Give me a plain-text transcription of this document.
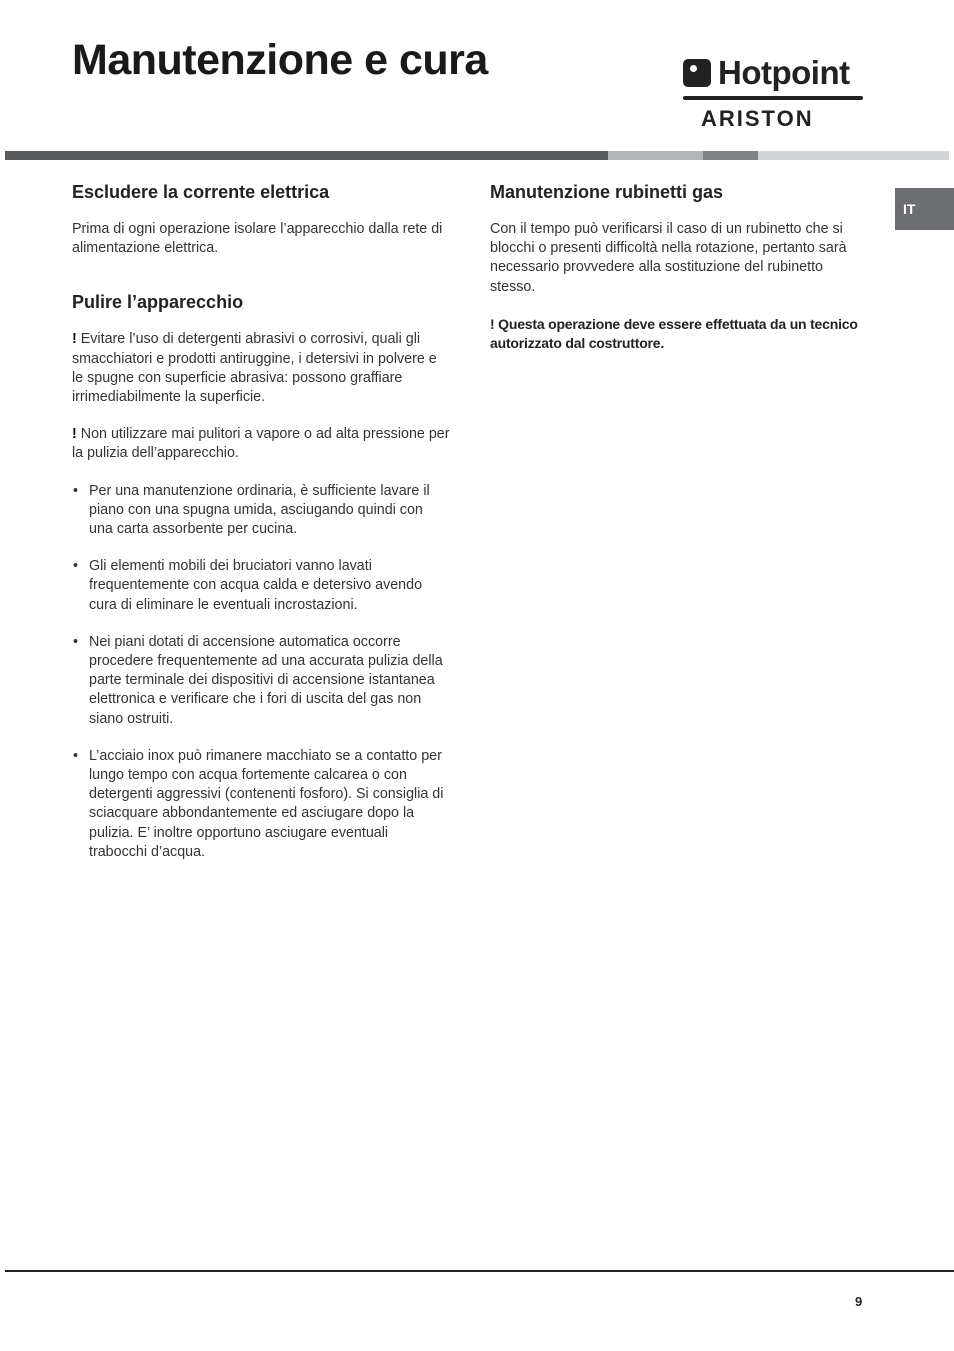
Manutenzione e cura	Hotpoint
ARISTON
IT
Escludere la corrente elettrica

Prima di ogni operazione isolare l’apparecchio dalla rete di alimentazione elettrica.

Pulire l’apparecchio

! Evitare l’uso di detergenti abrasivi o corrosivi, quali gli smacchiatori e prodotti antiruggine, i detersivi in polvere e le spugne con superficie abrasiva: possono graffiare irrimediabilmente la superficie.

! Non utilizzare mai pulitori a vapore o ad alta pressione per la pulizia dell’apparecchio.

• Per una manutenzione ordinaria, è sufficiente lavare il piano con una spugna umida, asciugando quindi con una carta assorbente per cucina.
• Gli elementi mobili dei bruciatori vanno lavati frequentemente con acqua calda e detersivo avendo cura di eliminare le eventuali incrostazioni.
• Nei piani dotati di accensione automatica occorre procedere frequentemente ad una accurata pulizia della parte terminale dei dispositivi di accensione istantanea elettronica e verificare che i fori di uscita del gas non siano ostruiti.
• L’acciaio inox può rimanere macchiato se a contatto per lungo tempo con acqua fortemente calcarea o con detergenti aggressivi (contenenti fosforo). Si consiglia di sciacquare abbondantemente ed asciugare dopo la pulizia. E’ inoltre opportuno asciugare eventuali trabocchi d’acqua.
Manutenzione rubinetti gas

Con il tempo può verificarsi il caso di un rubinetto che si blocchi o presenti difficoltà nella rotazione, pertanto sarà necessario provvedere alla sostituzione del rubinetto stesso.

! Questa operazione deve essere effettuata da un tecnico autorizzato dal costruttore.

9
